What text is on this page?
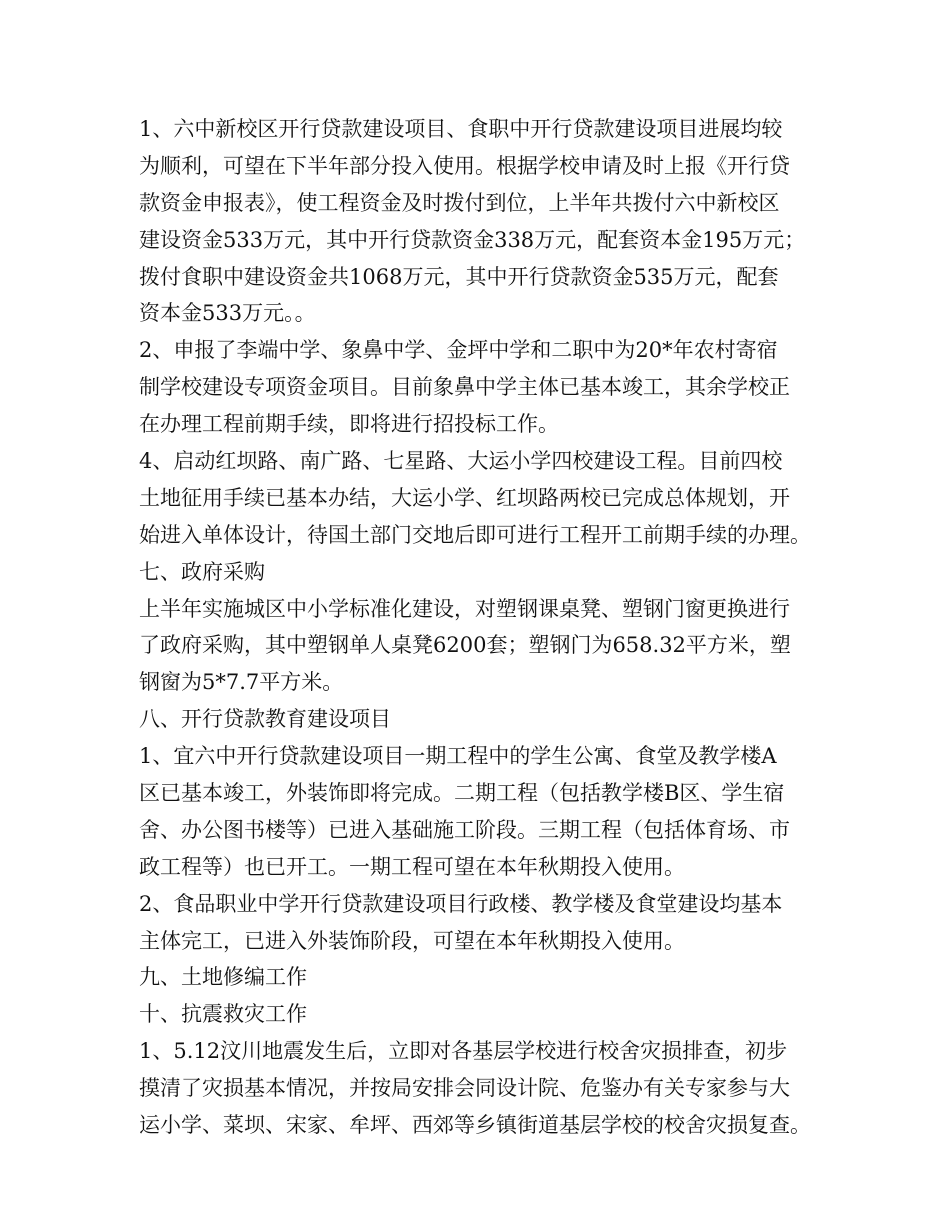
1、六中新校区开行贷款建设项目、食职中开行贷款建设项目进展均较
为顺利，可望在下半年部分投入使用。根据学校申请及时上报《开行贷
款资金申报表》，使工程资金及时拨付到位，上半年共拨付六中新校区
建设资金533万元，其中开行贷款资金338万元，配套资本金195万元；
拨付食职中建设资金共1068万元，其中开行贷款资金535万元，配套
资本金533万元。。
2、申报了李端中学、象鼻中学、金坪中学和二职中为20*年农村寄宿
制学校建设专项资金项目。目前象鼻中学主体已基本竣工，其余学校正
在办理工程前期手续，即将进行招投标工作。
4、启动红坝路、南广路、七星路、大运小学四校建设工程。目前四校
土地征用手续已基本办结，大运小学、红坝路两校已完成总体规划，开
始进入单体设计，待国土部门交地后即可进行工程开工前期手续的办理。
七、政府采购
上半年实施城区中小学标准化建设，对塑钢课桌凳、塑钢门窗更换进行
了政府采购，其中塑钢单人桌凳6200套；塑钢门为658.32平方米，塑
钢窗为5*7.7平方米。
八、开行贷款教育建设项目
1、宜六中开行贷款建设项目一期工程中的学生公寓、食堂及教学楼A
区已基本竣工，外装饰即将完成。二期工程（包括教学楼B区、学生宿
舍、办公图书楼等）已进入基础施工阶段。三期工程（包括体育场、市
政工程等）也已开工。一期工程可望在本年秋期投入使用。
2、食品职业中学开行贷款建设项目行政楼、教学楼及食堂建设均基本
主体完工，已进入外装饰阶段，可望在本年秋期投入使用。
九、土地修编工作
十、抗震救灾工作
1、5.12汶川地震发生后，立即对各基层学校进行校舍灾损排查，初步
摸清了灾损基本情况，并按局安排会同设计院、危鉴办有关专家参与大
运小学、菜坝、宋家、牟坪、西郊等乡镇街道基层学校的校舍灾损复查。
